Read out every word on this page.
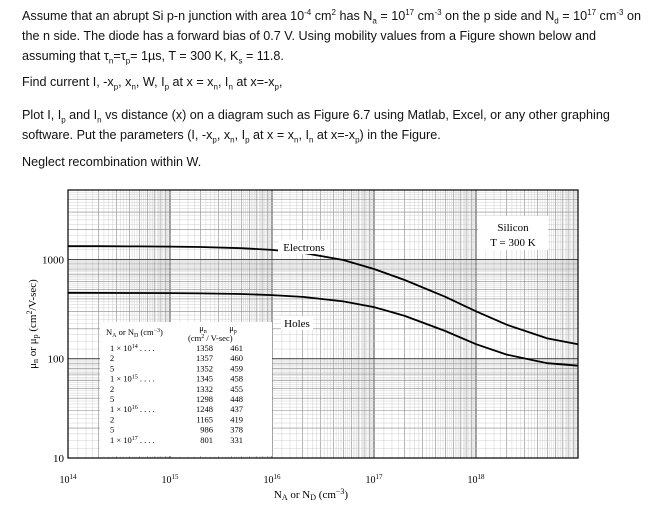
Assume that an abrupt Si p-n junction with area $10^{-4}$ $cm^2$ has $N_a = 10^{17}$ $cm^{-3}$ on the p side and $N_d = 10^{17}$ $cm^{-3}$ on the n side. The diode has a forward bias of 0.7 V. Using mobility values from a Figure shown below and assuming that $\tau_n=\tau_p= 1\mu s$, T = 300 K, $K_s = 11.8$.
Find current I, $-x_p$, $x_n$, W, $I_p$ at $x = x_n$, $I_n$ at $x=-x_p$,
Plot I, $I_p$ and $I_n$ vs distance (x) on a diagram such as Figure 6.7 using Matlab, Excel, or any other graphing software. Put the parameters (I, $-x_p$, $x_n$, $I_p$ at $x = x_n$, $I_n$ at $x=-x_p$) in the Figure.
Neglect recombination within W.
Silicon
T = 300 K
Electrons
Holes
$N_A$ or $N_D$ $(cm^{-3})$	$\mu_n$	$\mu_p$
$(cm^2 / V-\sec)$
$1 \times 10^{14}$ . . . .	1358 461
2	1357 460
5	1352 459
$1 \times 10^{15}$ . . . .	1345 458
2	1332 455
5	1298 448
$1 \times 10^{16}$ . . . .	1248 437
2	1165 419
5	986 378
$1 \times 10^{17}$ . . . .	801 331
10
100
1000
$10^{14}$	$10^{15}$	$10^{16}$	$10^{17}$	$10^{18}$
NA or ND $(cm^{-3})$
μn or μp $(cm^2/V-\sec)$
